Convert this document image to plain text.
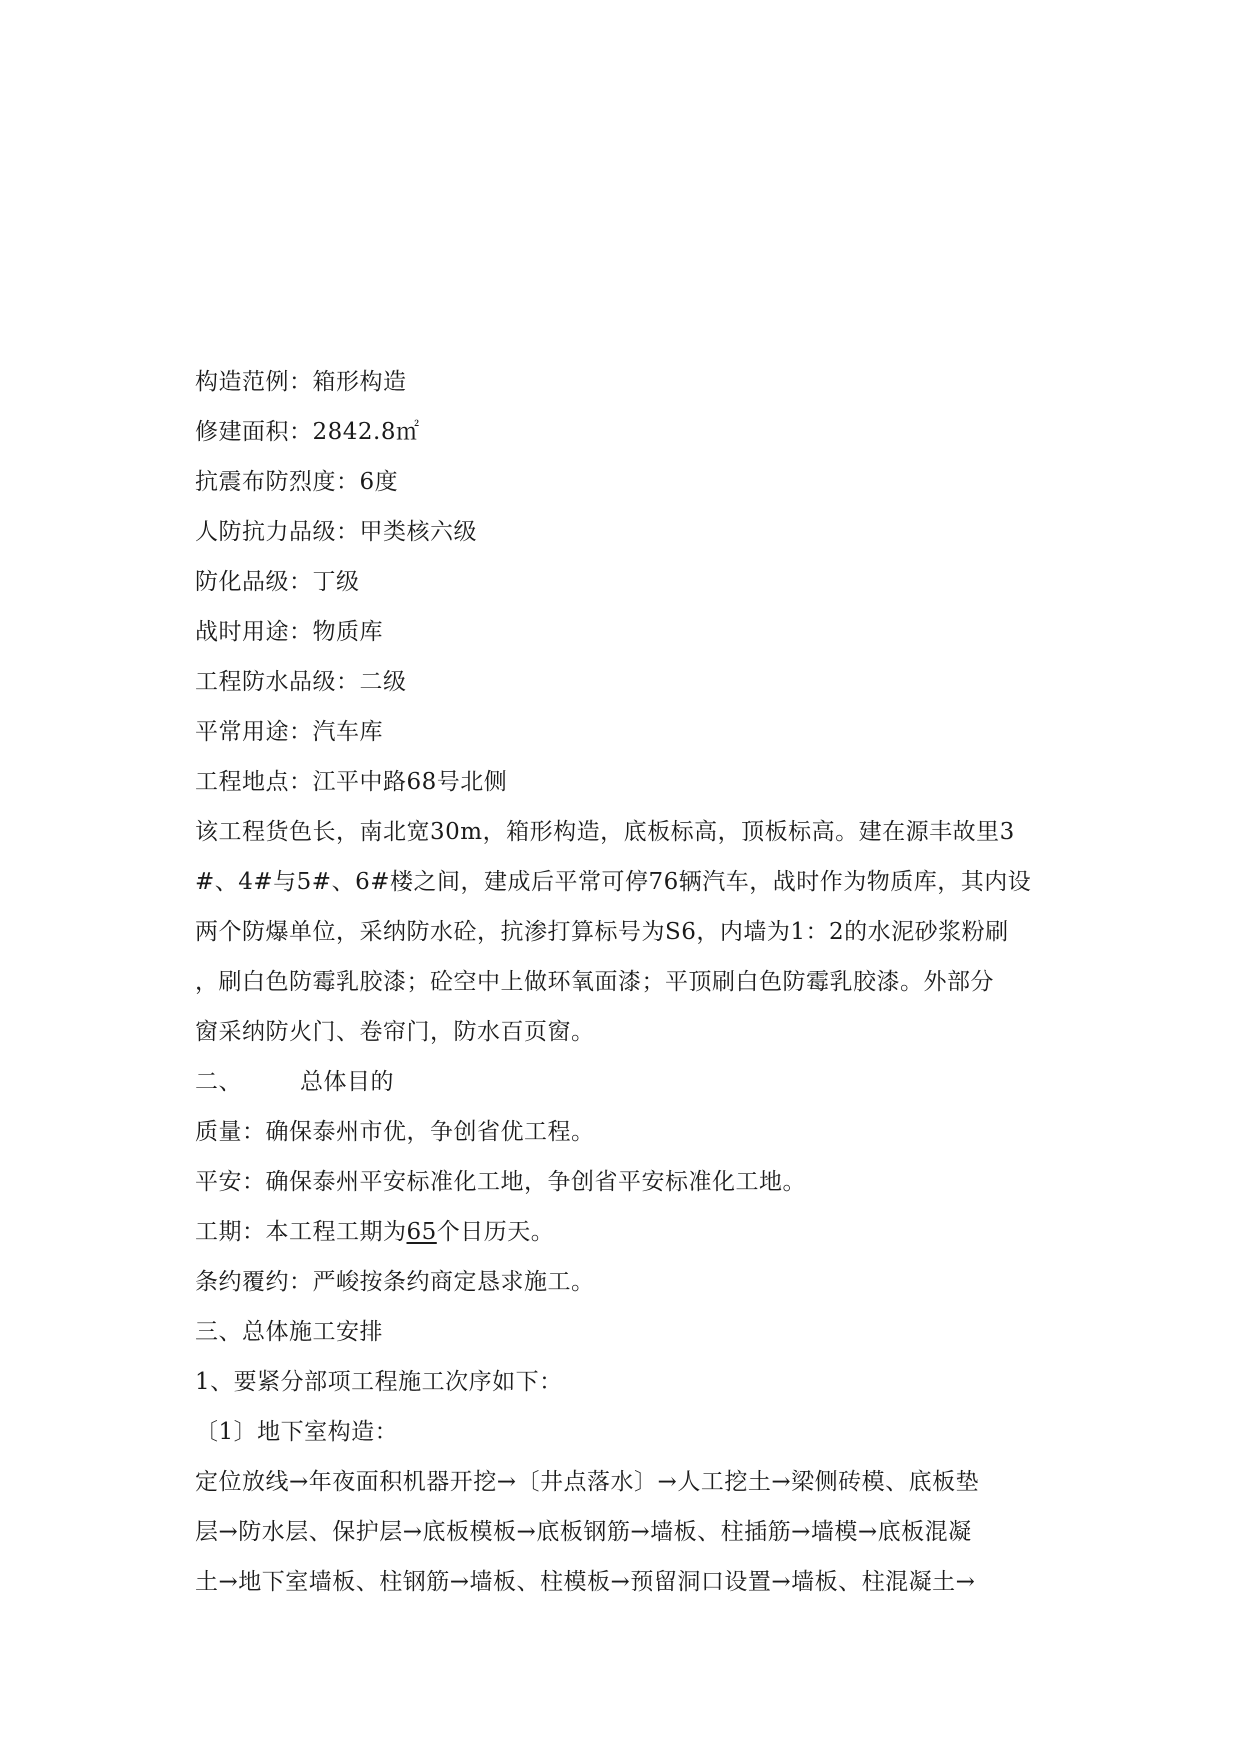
构造范例：箱形构造
修建面积：2842.8㎡
抗震布防烈度：6度
人防抗力品级：甲类核六级
防化品级：丁级
战时用途：物质库
工程防水品级：二级
平常用途：汽车库
工程地点：江平中路68号北侧
该工程货色长，南北宽30m，箱形构造，底板标高，顶板标高。建在源丰故里3
#、4#与5#、6#楼之间，建成后平常可停76辆汽车，战时作为物质库，其内设
两个防爆单位，采纳防水砼，抗渗打算标号为S6，内墙为1：2的水泥砂浆粉刷
，刷白色防霉乳胶漆；砼空中上做环氧面漆；平顶刷白色防霉乳胶漆。外部分
窗采纳防火门、卷帘门，防水百页窗。
二、	总体目的
质量：确保泰州市优，争创省优工程。
平安：确保泰州平安标准化工地，争创省平安标准化工地。
工期：本工程工期为65个日历天。
条约覆约：严峻按条约商定恳求施工。
三、总体施工安排
1、要紧分部项工程施工次序如下：
〔1〕地下室构造：
定位放线→年夜面积机器开挖→〔井点落水〕→人工挖土→梁侧砖模、底板垫
层→防水层、保护层→底板模板→底板钢筋→墙板、柱插筋→墙模→底板混凝
土→地下室墙板、柱钢筋→墙板、柱模板→预留洞口设置→墙板、柱混凝土→
